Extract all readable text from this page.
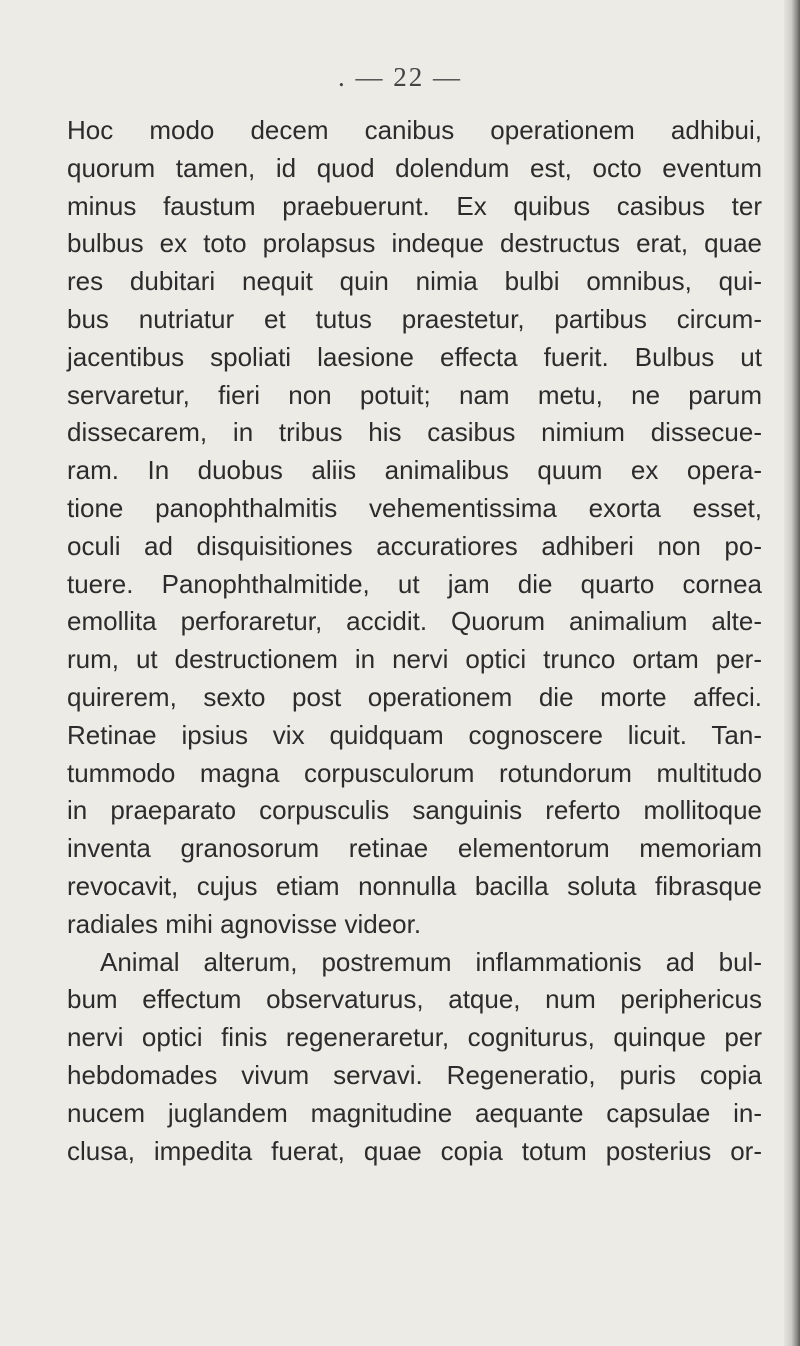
. — 22 —
Hoc modo decem canibus operationem adhibui,
quorum tamen, id quod dolendum est, octo eventum
minus faustum praebuerunt. Ex quibus casibus ter
bulbus ex toto prolapsus indeque destructus erat, quae
res dubitari nequit quin nimia bulbi omnibus, qui-
bus nutriatur et tutus praestetur, partibus circum-
jacentibus spoliati laesione effecta fuerit. Bulbus ut
servaretur, fieri non potuit; nam metu, ne parum
dissecarem, in tribus his casibus nimium dissecue-
ram. In duobus aliis animalibus quum ex opera-
tione panophthalmitis vehementissima exorta esset,
oculi ad disquisitiones accuratiores adhiberi non po-
tuere. Panophthalmitide, ut jam die quarto cornea
emollita perforaretur, accidit. Quorum animalium alte-
rum, ut destructionem in nervi optici trunco ortam per-
quirerem, sexto post operationem die morte affeci.
Retinae ipsius vix quidquam cognoscere licuit. Tan-
tummodo magna corpusculorum rotundorum multitudo
in praeparato corpusculis sanguinis referto mollitoque
inventa granosorum retinae elementorum memoriam
revocavit, cujus etiam nonnulla bacilla soluta fibrasque
radiales mihi agnovisse videor.
Animal alterum, postremum inflammationis ad bul-
bum effectum observaturus, atque, num periphericus
nervi optici finis regeneraretur, cogniturus, quinque per
hebdomades vivum servavi. Regeneratio, puris copia
nucem juglandem magnitudine aequante capsulae in-
clusa, impedita fuerat, quae copia totum posterius or-
